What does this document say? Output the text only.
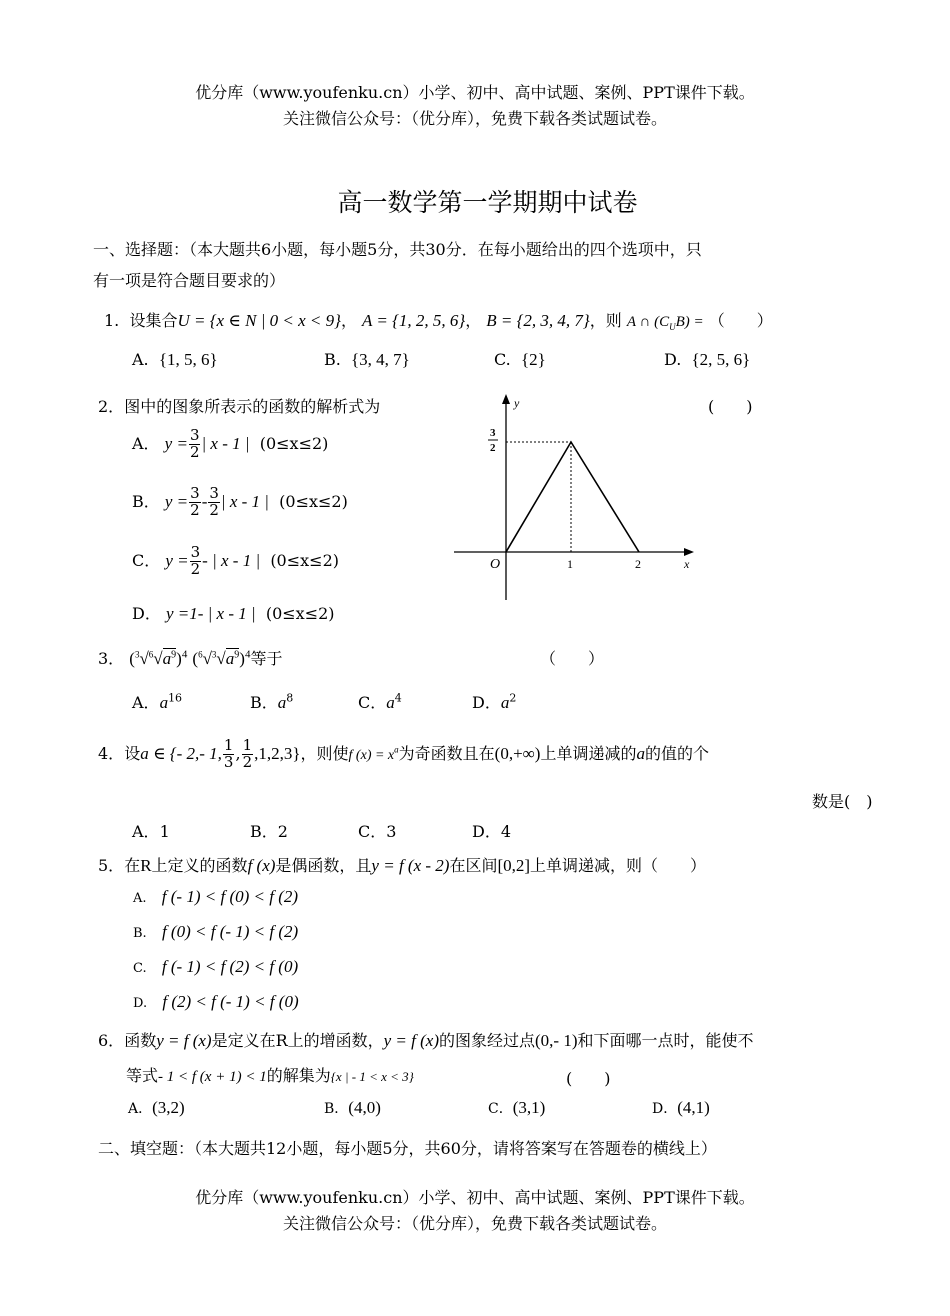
优分库（www.youfenku.cn）小学、初中、高中试题、案例、PPT课件下载。
关注微信公众号：（优分库），免费下载各类试题试卷。
高一数学第一学期期中试卷
一、选择题：（本大题共6小题，每小题5分，共30分．在每小题给出的四个选项中，只
有一项是符合题目要求的）
1. 设集合U = {x ∈ N | 0 < x < 9}， A = {1, 2, 5, 6}， B = {2, 3, 4, 7}，则 A ∩ $(C_UB)$ = （　　）
A. {1, 5, 6}	B. {3, 4, 7}	C. {2}	D. {2, 5, 6}
2．图中的图象所表示的函数的解析式为	(　　)
A． $y = \frac{3}{2}$ | x - 1 | (0≤x≤2)
B． $y = \frac{3}{2} - \frac{3}{2}$ | x - 1 | (0≤x≤2)
C． $y = \frac{3}{2}$ - | x - 1 | (0≤x≤2)
D． y =1- | x - 1 | (0≤x≤2)
y
x
O	1	2
3
2
3． $(^3√^6√a^9)^4$ $(^6√^3√a^9)^4$等于	（　　）
A．$a^{16}$	B．$a^8$	C．$a^4$	D．$a^2$
4．设a ∈ {- 2,- 1, $\frac{1}{3}$ , $\frac{1}{2} ,1,2,3$}，则使f $(x) = x^a$为奇函数且在(0,+∞)上单调递减的a的值的个
数是(　)
A．1	B．2	C．3	D．4
5．在R上定义的函数f (x)是偶函数，且y = f (x - 2)在区间[0,2]上单调递减，则（　　）
A. f (- 1) < f (0) < f (2)
B. f (0) < f (- 1) < f (2)
C. f (- 1) < f (2) < f (0)
D. f (2) < f (- 1) < f (0)
6．函数y = f (x)是定义在R上的增函数，y = f (x)的图象经过点(0,- 1)和下面哪一点时，能使不
等式- 1 < f (x + 1) < 1的解集为{x | - 1 < x < 3}	(　　)
A．(3,2)	B．(4,0)	C．(3,1)	D．(4,1)
二、填空题：（本大题共12小题，每小题5分，共60分，请将答案写在答题卷的横线上）
优分库（www.youfenku.cn）小学、初中、高中试题、案例、PPT课件下载。
关注微信公众号：（优分库），免费下载各类试题试卷。
